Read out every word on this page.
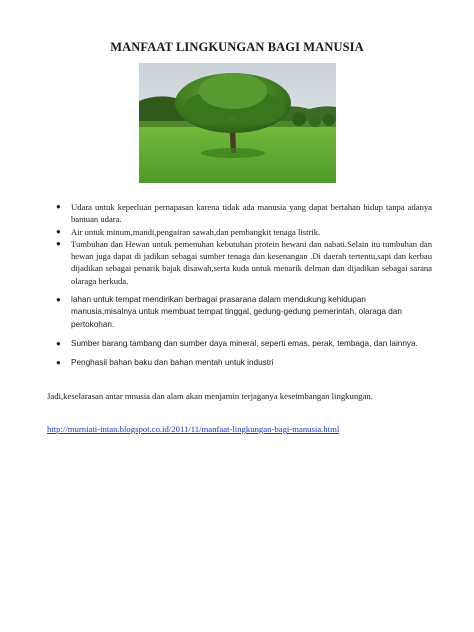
MANFAAT LINGKUNGAN BAGI MANUSIA
● Udara untuk keperluan pernapasan karena tidak ada manusia yang dapat bertahan hidup tanpa adanya bantuan udara.
● Air untuk minum,mandi,pengairan sawah,dan pembangkit tenaga listrik.
● Tumbuhan dan Hewan untuk pemenuhan kebutuhan protein hewani dan nabati.Selain itu tumbuhan dan hewan juga dapat di jadikan sebagai sumber tenaga dan kesenangan .Di daerah tertentu,sapi dan kerbau dijadikan sebagai penarik bajak disawah,serta kuda untuk menarik delman dan dijadikan sebagai sarana olaraga berkuda.
● lahan untuk tempat mendirikan berbagai prasarana dalam mendukung kehidupan manusia,misalnya untuk membuat tempat tinggal, gedung-gedung pemerintah, olaraga dan pertokohan.
● Sumber barang tambang dan sumber daya mineral, seperti emas, perak, tembaga, dan lainnya.
● Penghasil bahan baku dan bahan mentah untuk industri
Jadi,keselarasan antar mnusia dan alam akan menjamin terjaganya keseimbangan lingkungan.
http://murniati-intan.blogspot.co.id/2011/11/manfaat-lingkungan-bagi-manusia.html
